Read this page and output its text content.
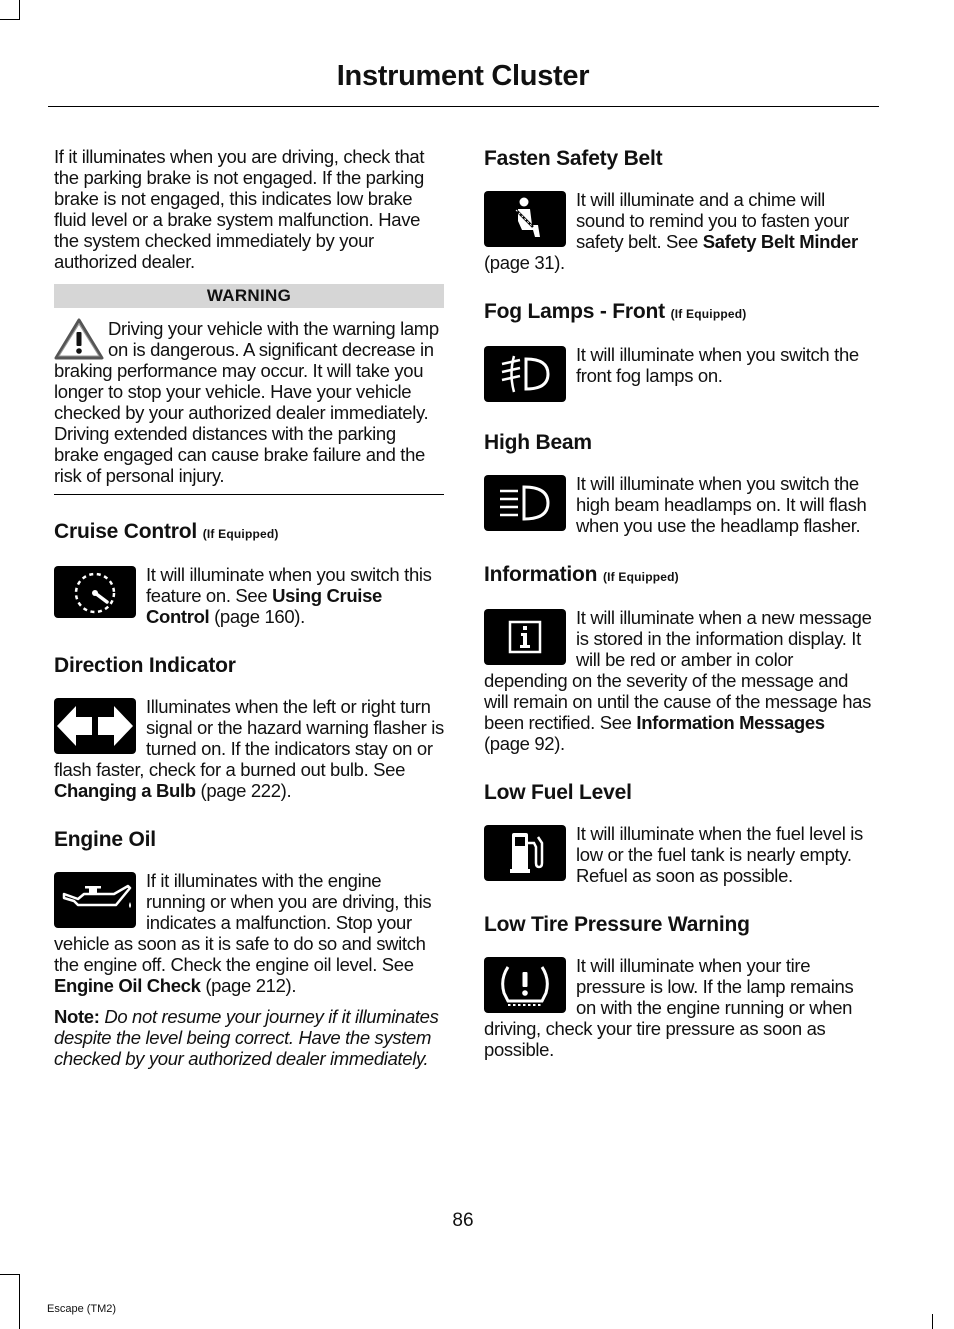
Instrument Cluster

If it illuminates when you are driving, check that the parking brake is not engaged. If the parking brake is not engaged, this indicates low brake fluid level or a brake system malfunction. Have the system checked immediately by your authorized dealer.

WARNING

Driving your vehicle with the warning lamp on is dangerous. A significant decrease in braking performance may occur. It will take you longer to stop your vehicle. Have your vehicle checked by your authorized dealer immediately. Driving extended distances with the parking brake engaged can cause brake failure and the risk of personal injury.

Cruise Control (If Equipped)

It will illuminate when you switch this feature on. See Using Cruise Control (page 160).

Direction Indicator

Illuminates when the left or right turn signal or the hazard warning flasher is turned on. If the indicators stay on or flash faster, check for a burned out bulb. See Changing a Bulb (page 222).

Engine Oil

If it illuminates with the engine running or when you are driving, this indicates a malfunction. Stop your vehicle as soon as it is safe to do so and switch the engine off. Check the engine oil level. See Engine Oil Check (page 212).

Note: Do not resume your journey if it illuminates despite the level being correct. Have the system checked by your authorized dealer immediately.

Fasten Safety Belt

It will illuminate and a chime will sound to remind you to fasten your safety belt. See Safety Belt Minder (page 31).

Fog Lamps - Front (If Equipped)

It will illuminate when you switch the front fog lamps on.

High Beam

It will illuminate when you switch the high beam headlamps on. It will flash when you use the headlamp flasher.

Information (If Equipped)

It will illuminate when a new message is stored in the information display. It will be red or amber in color depending on the severity of the message and will remain on until the cause of the message has been rectified. See Information Messages (page 92).

Low Fuel Level

It will illuminate when the fuel level is low or the fuel tank is nearly empty. Refuel as soon as possible.

Low Tire Pressure Warning

It will illuminate when your tire pressure is low. If the lamp remains on with the engine running or when driving, check your tire pressure as soon as possible.

86
Escape (TM2)
